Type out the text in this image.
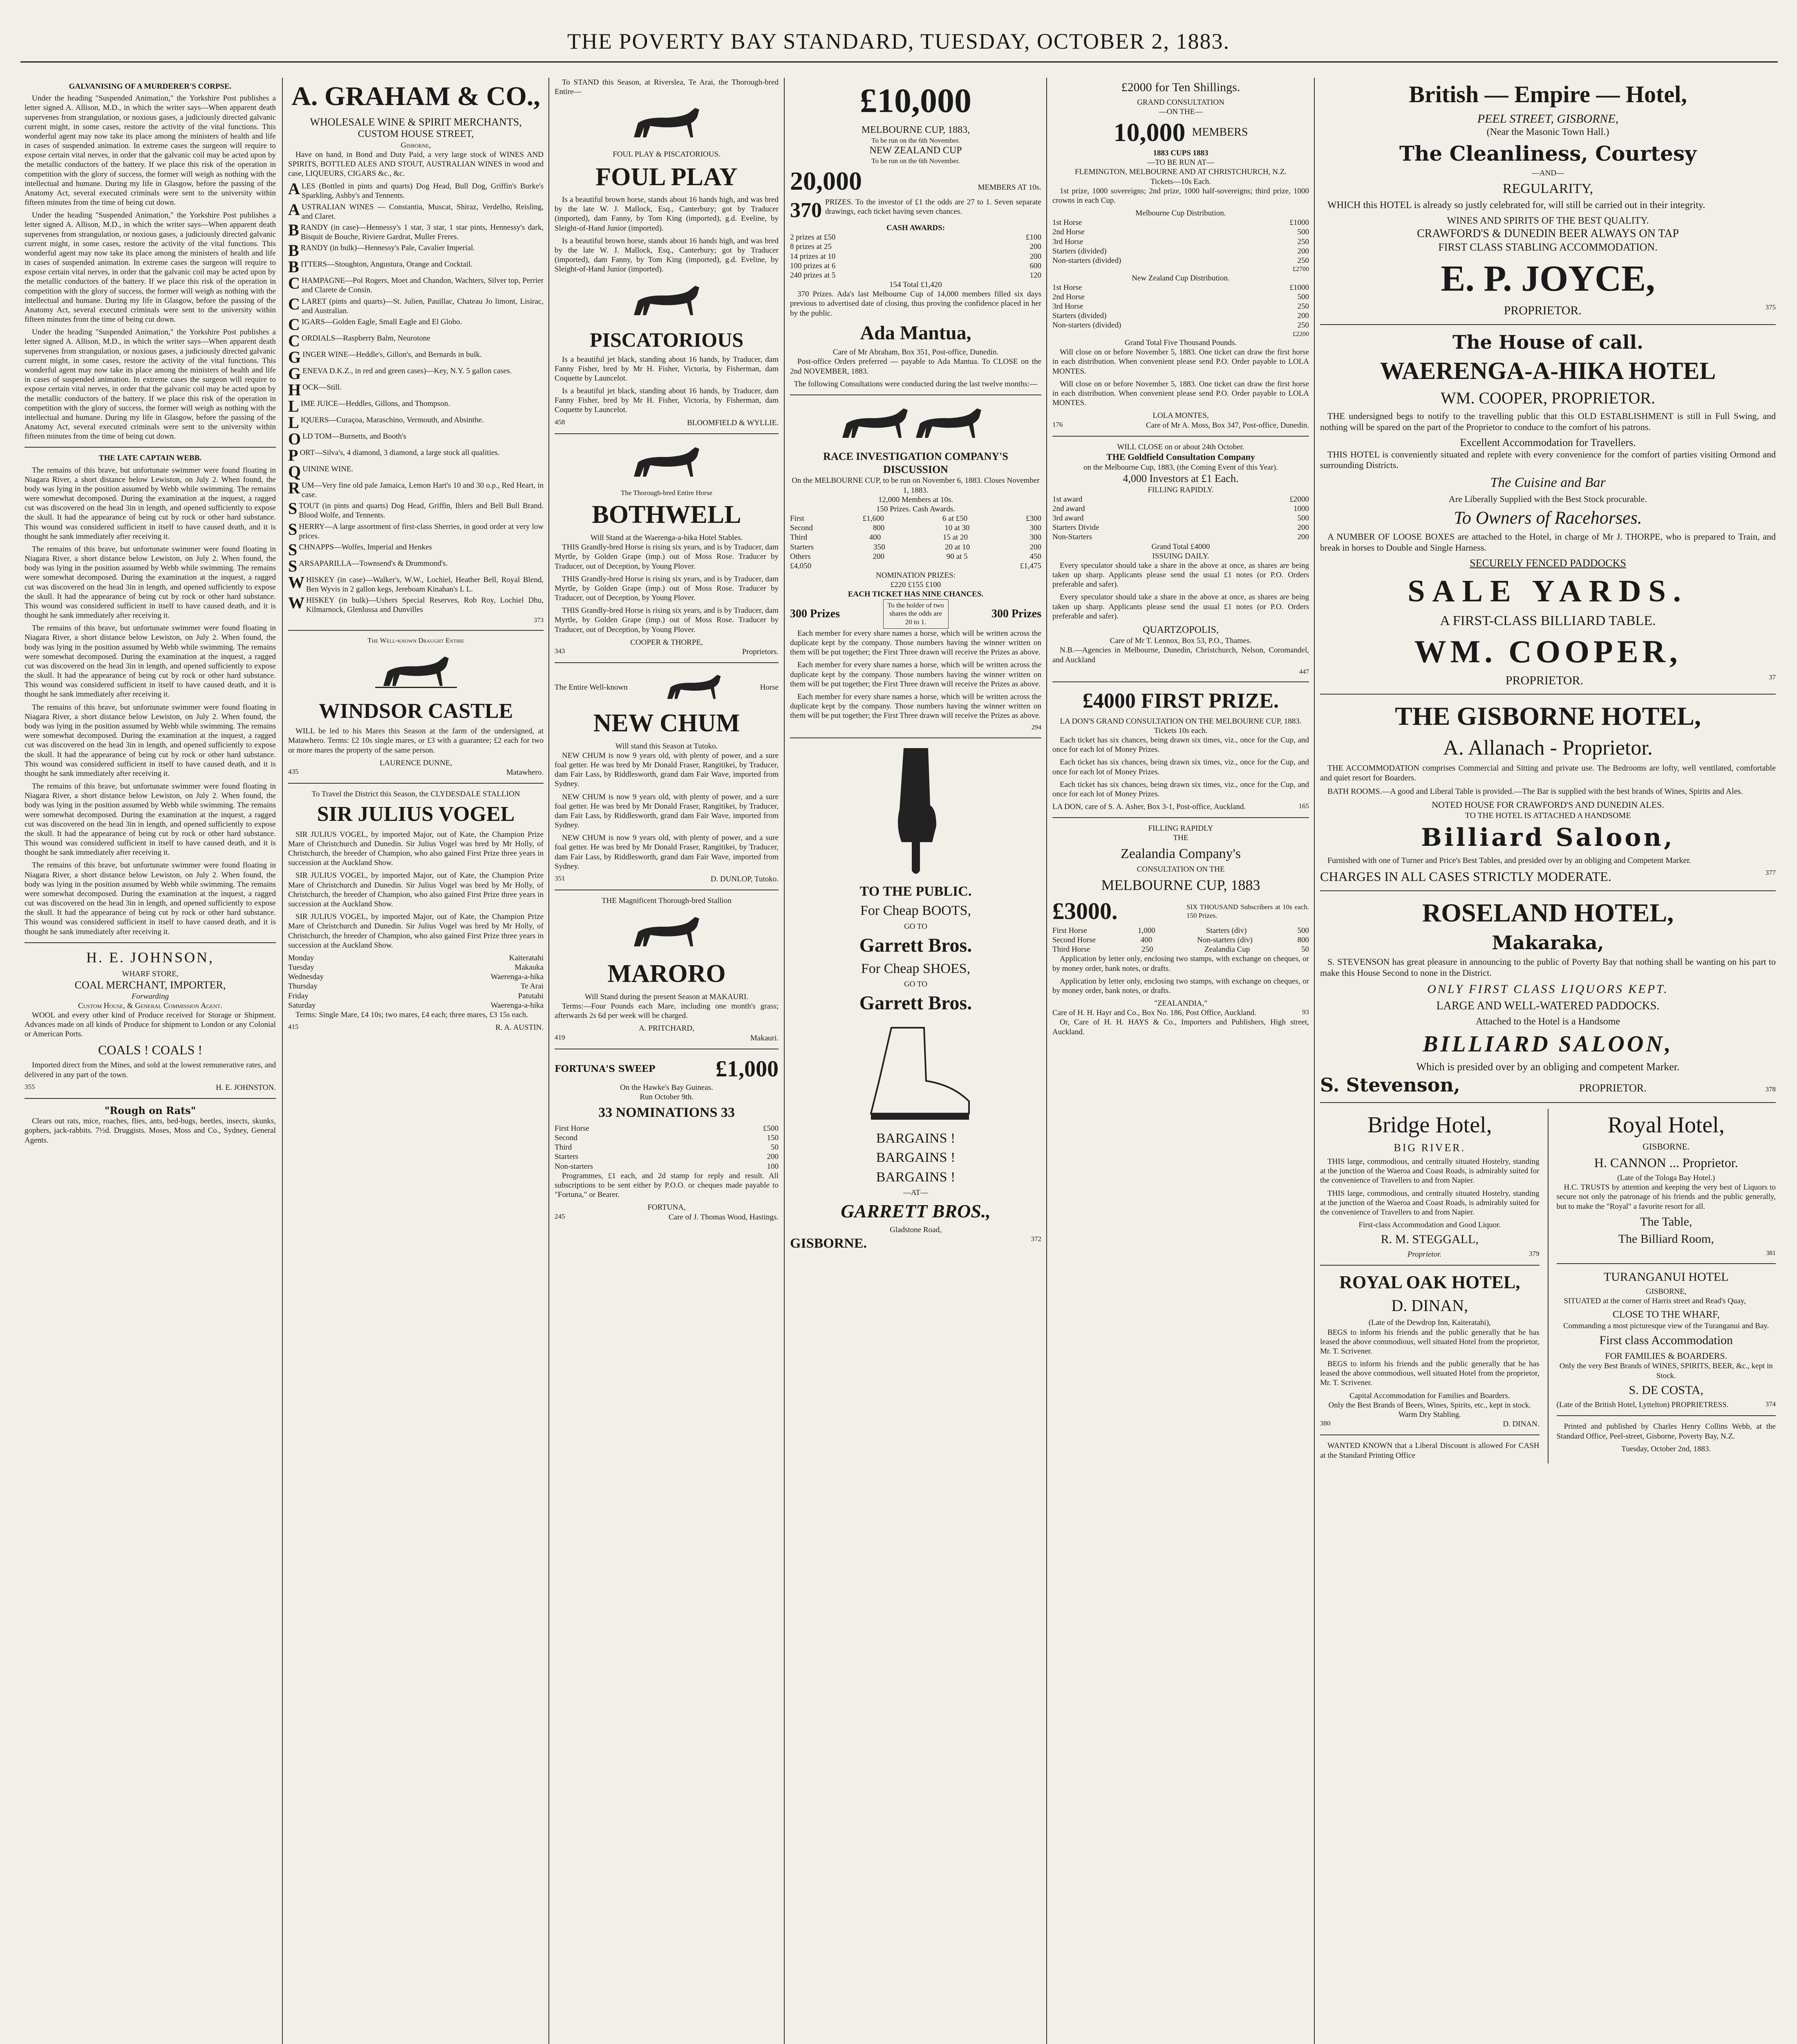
THE POVERTY BAY STANDARD, TUESDAY, OCTOBER 2, 1883.
GALVANISING OF A MURDERER'S CORPSE.

Under the heading "Suspended Animation," the Yorkshire Post publishes a letter signed A. Allison, M.D., in which the writer says—When apparent death supervenes from strangulation, or noxious gases, a judiciously directed galvanic current might, in some cases, restore the activity of the vital functions. This wonderful agent may now take its place among the ministers of health and life in cases of suspended animation. In extreme cases the surgeon will require to expose certain vital nerves, in order that the galvanic coil may be acted upon by the metallic conductors of the battery. If we place this risk of the operation in competition with the glory of success, the former will weigh as nothing with the intellectual and humane. During my life in Glasgow, before the passing of the Anatomy Act, several executed criminals were sent to the university within fifteen minutes from the time of being cut down.

Under the heading "Suspended Animation," the Yorkshire Post publishes a letter signed A. Allison, M.D., in which the writer says—When apparent death supervenes from strangulation, or noxious gases, a judiciously directed galvanic current might, in some cases, restore the activity of the vital functions. This wonderful agent may now take its place among the ministers of health and life in cases of suspended animation. In extreme cases the surgeon will require to expose certain vital nerves, in order that the galvanic coil may be acted upon by the metallic conductors of the battery. If we place this risk of the operation in competition with the glory of success, the former will weigh as nothing with the intellectual and humane. During my life in Glasgow, before the passing of the Anatomy Act, several executed criminals were sent to the university within fifteen minutes from the time of being cut down.

Under the heading "Suspended Animation," the Yorkshire Post publishes a letter signed A. Allison, M.D., in which the writer says—When apparent death supervenes from strangulation, or noxious gases, a judiciously directed galvanic current might, in some cases, restore the activity of the vital functions. This wonderful agent may now take its place among the ministers of health and life in cases of suspended animation. In extreme cases the surgeon will require to expose certain vital nerves, in order that the galvanic coil may be acted upon by the metallic conductors of the battery. If we place this risk of the operation in competition with the glory of success, the former will weigh as nothing with the intellectual and humane. During my life in Glasgow, before the passing of the Anatomy Act, several executed criminals were sent to the university within fifteen minutes from the time of being cut down.

THE LATE CAPTAIN WEBB.

The remains of this brave, but unfortunate swimmer were found floating in Niagara River, a short distance below Lewiston, on July 2. When found, the body was lying in the position assumed by Webb while swimming. The remains were somewhat decomposed. During the examination at the inquest, a ragged cut was discovered on the head 3in in length, and opened sufficiently to expose the skull. It had the appearance of being cut by rock or other hard substance. This wound was considered sufficient in itself to have caused death, and it is thought he sank immediately after receiving it.

The remains of this brave, but unfortunate swimmer were found floating in Niagara River, a short distance below Lewiston, on July 2. When found, the body was lying in the position assumed by Webb while swimming. The remains were somewhat decomposed. During the examination at the inquest, a ragged cut was discovered on the head 3in in length, and opened sufficiently to expose the skull. It had the appearance of being cut by rock or other hard substance. This wound was considered sufficient in itself to have caused death, and it is thought he sank immediately after receiving it.

The remains of this brave, but unfortunate swimmer were found floating in Niagara River, a short distance below Lewiston, on July 2. When found, the body was lying in the position assumed by Webb while swimming. The remains were somewhat decomposed. During the examination at the inquest, a ragged cut was discovered on the head 3in in length, and opened sufficiently to expose the skull. It had the appearance of being cut by rock or other hard substance. This wound was considered sufficient in itself to have caused death, and it is thought he sank immediately after receiving it.

The remains of this brave, but unfortunate swimmer were found floating in Niagara River, a short distance below Lewiston, on July 2. When found, the body was lying in the position assumed by Webb while swimming. The remains were somewhat decomposed. During the examination at the inquest, a ragged cut was discovered on the head 3in in length, and opened sufficiently to expose the skull. It had the appearance of being cut by rock or other hard substance. This wound was considered sufficient in itself to have caused death, and it is thought he sank immediately after receiving it.

The remains of this brave, but unfortunate swimmer were found floating in Niagara River, a short distance below Lewiston, on July 2. When found, the body was lying in the position assumed by Webb while swimming. The remains were somewhat decomposed. During the examination at the inquest, a ragged cut was discovered on the head 3in in length, and opened sufficiently to expose the skull. It had the appearance of being cut by rock or other hard substance. This wound was considered sufficient in itself to have caused death, and it is thought he sank immediately after receiving it.

The remains of this brave, but unfortunate swimmer were found floating in Niagara River, a short distance below Lewiston, on July 2. When found, the body was lying in the position assumed by Webb while swimming. The remains were somewhat decomposed. During the examination at the inquest, a ragged cut was discovered on the head 3in in length, and opened sufficiently to expose the skull. It had the appearance of being cut by rock or other hard substance. This wound was considered sufficient in itself to have caused death, and it is thought he sank immediately after receiving it.

H. E. JOHNSON,
WHARF STORE,
COAL MERCHANT, IMPORTER,
Forwarding
Custom House, & General Commission Agent.

WOOL and every other kind of Produce received for Storage or Shipment. Advances made on all kinds of Produce for shipment to London or any Colonial or American Ports.

COALS ! COALS !

Imported direct from the Mines, and sold at the lowest remunerative rates, and delivered in any part of the town.

355	H. E. JOHNSTON.
"Rough on Rats"

Clears out rats, mice, roaches, flies, ants, bed-bugs, beetles, insects, skunks, gophers, jack-rabbits. 7½d. Druggists. Moses, Moss and Co., Sydney, General Agents.

A. GRAHAM & CO.,
WHOLESALE WINE & SPIRIT MERCHANTS,
CUSTOM HOUSE STREET,
Gisborne,

Have on hand, in Bond and Duty Paid, a very large stock of WINES AND SPIRITS, BOTTLED ALES AND STOUT, AUSTRALIAN WINES in wood and case, LIQUEURS, CIGARS &c., &c.

ALES (Bottled in pints and quarts) Dog Head, Bull Dog, Griffin's Burke's Sparkling, Ashby's and Tennents.
AUSTRALIAN WINES — Constantia, Muscat, Shiraz, Verdelho, Reisling, and Claret.
BRANDY (in case)—Hennessy's 1 star, 3 star, 1 star pints, Hennessy's dark, Bisquit de Bouche, Riviere Gardrat, Muller Freres.
BRANDY (in bulk)—Hennessy's Pale, Cavalier Imperial.
BITTERS—Stoughton, Angustura, Orange and Cocktail.
CHAMPAGNE—Pol Rogers, Moet and Chandon, Wachters, Silver top, Perrier and Clarete de Consin.
CLARET (pints and quarts)—St. Julien, Pauillac, Chateau Jo limont, Lisirac, and Australian.
CIGARS—Golden Eagle, Small Eagle and El Globo.
CORDIALS—Raspberry Balm, Neurotone
GINGER WINE—Heddle's, Gillon's, and Bernards in bulk.
GENEVA D.K.Z., in red and green cases)—Key, N.Y. 5 gallon cases.
HOCK—Still.
LIME JUICE—Heddles, Gillons, and Thompson.
LIQUERS—Curaçoa, Maraschino, Vermouth, and Absinthe.
OLD TOM—Burnetts, and Booth's
PORT—Silva's, 4 diamond, 3 diamond, a large stock all qualities.
QUININE WINE.
RUM—Very fine old pale Jamaica, Lemon Hart's 10 and 30 o.p., Red Heart, in case.
STOUT (in pints and quarts) Dog Head, Griffin, Ihlers and Bell Bull Brand. Blood Wolfe, and Tennents.
SHERRY—A large assortment of first-class Sherries, in good order at very low prices.
SCHNAPPS—Wolfes, Imperial and Henkes
SARSAPARILLA—Townsend's & Drummond's.
WHISKEY (in case)—Walker's, W.W., Lochiel, Heather Bell, Royal Blend, Ben Wyvis in 2 gallon kegs, Jereboam Kinahan's L L.
WHISKEY (in bulk)—Ushers Special Reserves, Rob Roy, Lochiel Dhu, Kilmarnock, Glenlussa and Dunvilles
373
The Well-known Draught Entire
WINDSOR CASTLE

WILL be led to his Mares this Season at the farm of the undersigned, at Matawhero. Terms: £2 10s single mares, or £3 with a guarantee; £2 each for two or more mares the property of the same person.

LAURENCE DUNNE,
435	Matawhero.
To Travel the District this Season, the CLYDESDALE STALLION
SIR JULIUS VOGEL

SIR JULIUS VOGEL, by imported Major, out of Kate, the Champion Prize Mare of Christchurch and Dunedin. Sir Julius Vogel was bred by Mr Holly, of Christchurch, the breeder of Champion, who also gained First Prize three years in succession at the Auckland Show.

SIR JULIUS VOGEL, by imported Major, out of Kate, the Champion Prize Mare of Christchurch and Dunedin. Sir Julius Vogel was bred by Mr Holly, of Christchurch, the breeder of Champion, who also gained First Prize three years in succession at the Auckland Show.

SIR JULIUS VOGEL, by imported Major, out of Kate, the Champion Prize Mare of Christchurch and Dunedin. Sir Julius Vogel was bred by Mr Holly, of Christchurch, the breeder of Champion, who also gained First Prize three years in succession at the Auckland Show.

Monday	Kaiteratahi
Tuesday	Makauka
Wednesday	Waerenga-a-hika
Thursday	Te Arai
Friday	Patutahi
Saturday	Waerenga-a-hika

Terms: Single Mare, £4 10s; two mares, £4 each; three mares, £3 15s each.

415	R. A. AUSTIN.

To STAND this Season, at Riverslea, Te Arai, the Thorough-bred Entire—

FOUL PLAY & PISCATORIOUS.
FOUL PLAY

Is a beautiful brown horse, stands about 16 hands high, and was bred by the late W. J. Mallock, Esq., Canterbury; got by Traducer (imported), dam Fanny, by Tom King (imported), g.d. Eveline, by Sleight-of-Hand Junior (imported).

Is a beautiful brown horse, stands about 16 hands high, and was bred by the late W. J. Mallock, Esq., Canterbury; got by Traducer (imported), dam Fanny, by Tom King (imported), g.d. Eveline, by Sleight-of-Hand Junior (imported).

PISCATORIOUS

Is a beautiful jet black, standing about 16 hands, by Traducer, dam Fanny Fisher, bred by Mr H. Fisher, Victoria, by Fisherman, dam Coquette by Launcelot.

Is a beautiful jet black, standing about 16 hands, by Traducer, dam Fanny Fisher, bred by Mr H. Fisher, Victoria, by Fisherman, dam Coquette by Launcelot.

458	BLOOMFIELD & WYLLIE.
The Thorough-bred Entire Horse
BOTHWELL
Will Stand at the Waerenga-a-hika Hotel Stables.

THIS Grandly-bred Horse is rising six years, and is by Traducer, dam Myrtle, by Golden Grape (imp.) out of Moss Rose. Traducer by Traducer, out of Deception, by Young Plover.

THIS Grandly-bred Horse is rising six years, and is by Traducer, dam Myrtle, by Golden Grape (imp.) out of Moss Rose. Traducer by Traducer, out of Deception, by Young Plover.

THIS Grandly-bred Horse is rising six years, and is by Traducer, dam Myrtle, by Golden Grape (imp.) out of Moss Rose. Traducer by Traducer, out of Deception, by Young Plover.

COOPER & THORPE,
343	Proprietors.
The Entire Well-known	Horse
NEW CHUM
Will stand this Season at Tutoko.

NEW CHUM is now 9 years old, with plenty of power, and a sure foal getter. He was bred by Mr Donald Fraser, Rangitikei, by Traducer, dam Fair Lass, by Riddlesworth, grand dam Fair Wave, imported from Sydney.

NEW CHUM is now 9 years old, with plenty of power, and a sure foal getter. He was bred by Mr Donald Fraser, Rangitikei, by Traducer, dam Fair Lass, by Riddlesworth, grand dam Fair Wave, imported from Sydney.

NEW CHUM is now 9 years old, with plenty of power, and a sure foal getter. He was bred by Mr Donald Fraser, Rangitikei, by Traducer, dam Fair Lass, by Riddlesworth, grand dam Fair Wave, imported from Sydney.

351	D. DUNLOP, Tutoko.
THE Magnificent Thorough-bred Stallion
MARORO
Will Stand during the present Season at MAKAURI.

Terms:—Four Pounds each Mare, including one month's grass; afterwards 2s 6d per week will be charged.

A. PRITCHARD,
419	Makauri.
FORTUNA'S SWEEP	£1,000
On the Hawke's Bay Guineas.
Run October 9th.
33 NOMINATIONS 33
First Horse	£500
Second	150
Third	50
Starters	200
Non-starters	100

Programmes, £1 each, and 2d stamp for reply and result. All subscriptions to be sent either by P.O.O. or cheques made payable to "Fortuna," or Bearer.

FORTUNA,
245	Care of J. Thomas Wood, Hastings.
£10,000
MELBOURNE CUP, 1883,
To be run on the 6th November.
NEW ZEALAND CUP
To be run on the 6th November.
20,000	MEMBERS AT 10s.
370 PRIZES. To the investor of £1 the odds are 27 to 1. Seven separate drawings, each ticket having seven chances.
CASH AWARDS:
2 prizes at £50	£100
8 prizes at 25	200
14 prizes at 10	200
100 prizes at 6	600
240 prizes at 5	120
154 Total £1,420

370 Prizes. Ada's last Melbourne Cup of 14,000 members filled six days previous to advertised date of closing, thus proving the confidence placed in her by the public.

Ada Mantua,
Care of Mr Abraham, Box 351, Post-office, Dunedin.

Post-office Orders preferred — payable to Ada Mantua. To CLOSE on the 2nd NOVEMBER, 1883.

The following Consultations were conducted during the last twelve months:—
RACE INVESTIGATION COMPANY'S DISCUSSION
On the MELBOURNE CUP, to be run on November 6, 1883. Closes November 1, 1883.
12,000 Members at 10s.
150 Prizes. Cash Awards.
First	£1,600	6 at £50	£300
Second	800	10 at 30	300
Third	400	15 at 20	300
Starters	350	20 at 10	200
Others	200	90 at 5	450
£4,050	£1,475
NOMINATION PRIZES:
£220 £155 £100
EACH TICKET HAS NINE CHANCES.
300 Prizes
To the holder of two shares the odds are 20 to 1.
300 Prizes

Each member for every share names a horse, which will be written across the duplicate kept by the company. Those numbers having the winner written on them will be put together; the First Three drawn will receive the Prizes as above.

Each member for every share names a horse, which will be written across the duplicate kept by the company. Those numbers having the winner written on them will be put together; the First Three drawn will receive the Prizes as above.

Each member for every share names a horse, which will be written across the duplicate kept by the company. Those numbers having the winner written on them will be put together; the First Three drawn will receive the Prizes as above.

294
TO THE PUBLIC.
For Cheap BOOTS,
GO TO
Garrett Bros.
For Cheap SHOES,
GO TO
Garrett Bros.
BARGAINS !
BARGAINS !
BARGAINS !
—AT—
GARRETT BROS.,
Gladstone Road,
GISBORNE.	372
£2000 for Ten Shillings.
GRAND CONSULTATION
—ON THE—
10,000 MEMBERS
1883 CUPS 1883
—TO BE RUN AT—
FLEMINGTON, MELBOURNE AND AT CHRISTCHURCH, N.Z.
Tickets—10s Each.

1st prize, 1000 sovereigns; 2nd prize, 1000 half-sovereigns; third prize, 1000 crowns in each Cup.

Melbourne Cup Distribution.
1st Horse	£1000
2nd Horse	500
3rd Horse	250
Starters (divided)	200
Non-starters (divided)	250
£2700
New Zealand Cup Distribution.
1st Horse	£1000
2nd Horse	500
3rd Horse	250
Starters (divided)	200
Non-starters (divided)	250
£2200
Grand Total Five Thousand Pounds.

Will close on or before November 5, 1883. One ticket can draw the first horse in each distribution. When convenient please send P.O. Order payable to LOLA MONTES.

Will close on or before November 5, 1883. One ticket can draw the first horse in each distribution. When convenient please send P.O. Order payable to LOLA MONTES.

LOLA MONTES,
176	Care of Mr A. Moss, Box 347, Post-office, Dunedin.
WILL CLOSE on or about 24th October.
THE Goldfield Consultation Company
on the Melbourne Cup, 1883, (the Coming Event of this Year).
4,000 Investors at £1 Each.
FILLING RAPIDLY.
1st award	£2000
2nd award	1000
3rd award	500
Starters Divide	200
Non-Starters	200
Grand Total £4000
ISSUING DAILY.

Every speculator should take a share in the above at once, as shares are being taken up sharp. Applicants please send the usual £1 notes (or P.O. Orders preferable and safer).

Every speculator should take a share in the above at once, as shares are being taken up sharp. Applicants please send the usual £1 notes (or P.O. Orders preferable and safer).

QUARTZOPOLIS,
Care of Mr T. Lennox, Box 53, P.O., Thames.

N.B.—Agencies in Melbourne, Dunedin, Christchurch, Nelson, Coromandel, and Auckland

447
£4000 FIRST PRIZE.
LA DON'S GRAND CONSULTATION ON THE MELBOURNE CUP, 1883.
Tickets 10s each.

Each ticket has six chances, being drawn six times, viz., once for the Cup, and once for each lot of Money Prizes.

Each ticket has six chances, being drawn six times, viz., once for the Cup, and once for each lot of Money Prizes.

Each ticket has six chances, being drawn six times, viz., once for the Cup, and once for each lot of Money Prizes.

LA DON, care of S. A. Asher, Box 3-1, Post-office, Auckland.	165
FILLING RAPIDLY
THE
Zealandia Company's
CONSULTATION ON THE
MELBOURNE CUP, 1883
£3000.	SIX THOUSAND Subscribers at 10s each. 150 Prizes.
First Horse	1,000	Starters (div)	500
Second Horse	400	Non-starters (div)	800
Third Horse	250	Zealandia Cup	50

Application by letter only, enclosing two stamps, with exchange on cheques, or by money order, bank notes, or drafts.

Application by letter only, enclosing two stamps, with exchange on cheques, or by money order, bank notes, or drafts.

"ZEALANDIA,"
Care of H. H. Hayr and Co., Box No. 186, Post Office, Auckland.	93

Or, Care of H. H. HAYS & Co., Importers and Publishers, High street, Auckland.

British — Empire — Hotel,
PEEL STREET, GISBORNE,
(Near the Masonic Town Hall.)
The Cleanliness, Courtesy
—AND—
REGULARITY,

WHICH this HOTEL is already so justly celebrated for, will still be carried out in their integrity.

WINES AND SPIRITS OF THE BEST QUALITY.
CRAWFORD'S & DUNEDIN BEER ALWAYS ON TAP
FIRST CLASS STABLING ACCOMMODATION.
E. P. JOYCE,
PROPRIETOR.	375
The House of call.
WAERENGA-A-HIKA HOTEL
WM. COOPER, PROPRIETOR.

THE undersigned begs to notify to the travelling public that this OLD ESTABLISHMENT is still in Full Swing, and nothing will be spared on the part of the Proprietor to conduce to the comfort of his patrons.

Excellent Accommodation for Travellers.

THIS HOTEL is conveniently situated and replete with every convenience for the comfort of parties visiting Ormond and surrounding Districts.

The Cuisine and Bar
Are Liberally Supplied with the Best Stock procurable.
To Owners of Racehorses.

A NUMBER OF LOOSE BOXES are attached to the Hotel, in charge of Mr J. THORPE, who is prepared to Train, and break in horses to Double and Single Harness.

SECURELY FENCED PADDOCKS
SALE YARDS.
A FIRST-CLASS BILLIARD TABLE.
WM. COOPER,
PROPRIETOR.	37
THE GISBORNE HOTEL,
A. Allanach - Proprietor.

THE ACCOMMODATION comprises Commercial and Sitting and private use. The Bedrooms are lofty, well ventilated, comfortable and quiet resort for Boarders.

BATH ROOMS.—A good and Liberal Table is provided.—The Bar is supplied with the best brands of Wines, Spirits and Ales.

NOTED HOUSE FOR CRAWFORD'S AND DUNEDIN ALES.
TO THE HOTEL IS ATTACHED A HANDSOME
Billiard Saloon,

Furnished with one of Turner and Price's Best Tables, and presided over by an obliging and Competent Marker.

CHARGES IN ALL CASES STRICTLY MODERATE.	377
ROSELAND HOTEL,
Makaraka,

S. STEVENSON has great pleasure in announcing to the public of Poverty Bay that nothing shall be wanting on his part to make this House Second to none in the District.

ONLY FIRST CLASS LIQUORS KEPT.
LARGE AND WELL-WATERED PADDOCKS.
Attached to the Hotel is a Handsome
BILLIARD SALOON,
Which is presided over by an obliging and competent Marker.
S. Stevenson,	PROPRIETOR.	378
Bridge Hotel,
BIG RIVER.

THIS large, commodious, and centrally situated Hostelry, standing at the junction of the Waeroa and Coast Roads, is admirably suited for the convenience of Travellers to and from Napier.

THIS large, commodious, and centrally situated Hostelry, standing at the junction of the Waeroa and Coast Roads, is admirably suited for the convenience of Travellers to and from Napier.

First-class Accommodation and Good Liquor.
R. M. STEGGALL,
Proprietor.	379
ROYAL OAK HOTEL,
D. DINAN,
(Late of the Dewdrop Inn, Kaiteratahi),

BEGS to inform his friends and the public generally that he has leased the above commodious, well situated Hotel from the proprietor, Mr. T. Scrivener.

BEGS to inform his friends and the public generally that he has leased the above commodious, well situated Hotel from the proprietor, Mr. T. Scrivener.

Capital Accommodation for Families and Boarders.
Only the Best Brands of Beers, Wines, Spirits, etc., kept in stock.
Warm Dry Stabling.
380	D. DINAN.

WANTED KNOWN that a Liberal Discount is allowed For CASH at the Standard Printing Office

Royal Hotel,
GISBORNE.
H. CANNON ... Proprietor.
(Late of the Tologa Bay Hotel.)

H.C. TRUSTS by attention and keeping the very best of Liquors to secure not only the patronage of his friends and the public generally, but to make the "Royal" a favorite resort for all.

The Table,
The Billiard Room,
381
TURANGANUI HOTEL
GISBORNE,

SITUATED at the corner of Harris street and Read's Quay,

CLOSE TO THE WHARF,
Commanding a most picturesque view of the Turanganui and Bay.
First class Accommodation
FOR FAMILIES & BOARDERS.
Only the very Best Brands of WINES, SPIRITS, BEER, &c., kept in Stock.
S. DE COSTA,
(Late of the British Hotel, Lyttelton) PROPRIETRESS.	374

Printed and published by Charles Henry Collins Webb, at the Standard Office, Peel-street, Gisborne, Poverty Bay, N.Z.

Tuesday, October 2nd, 1883.
